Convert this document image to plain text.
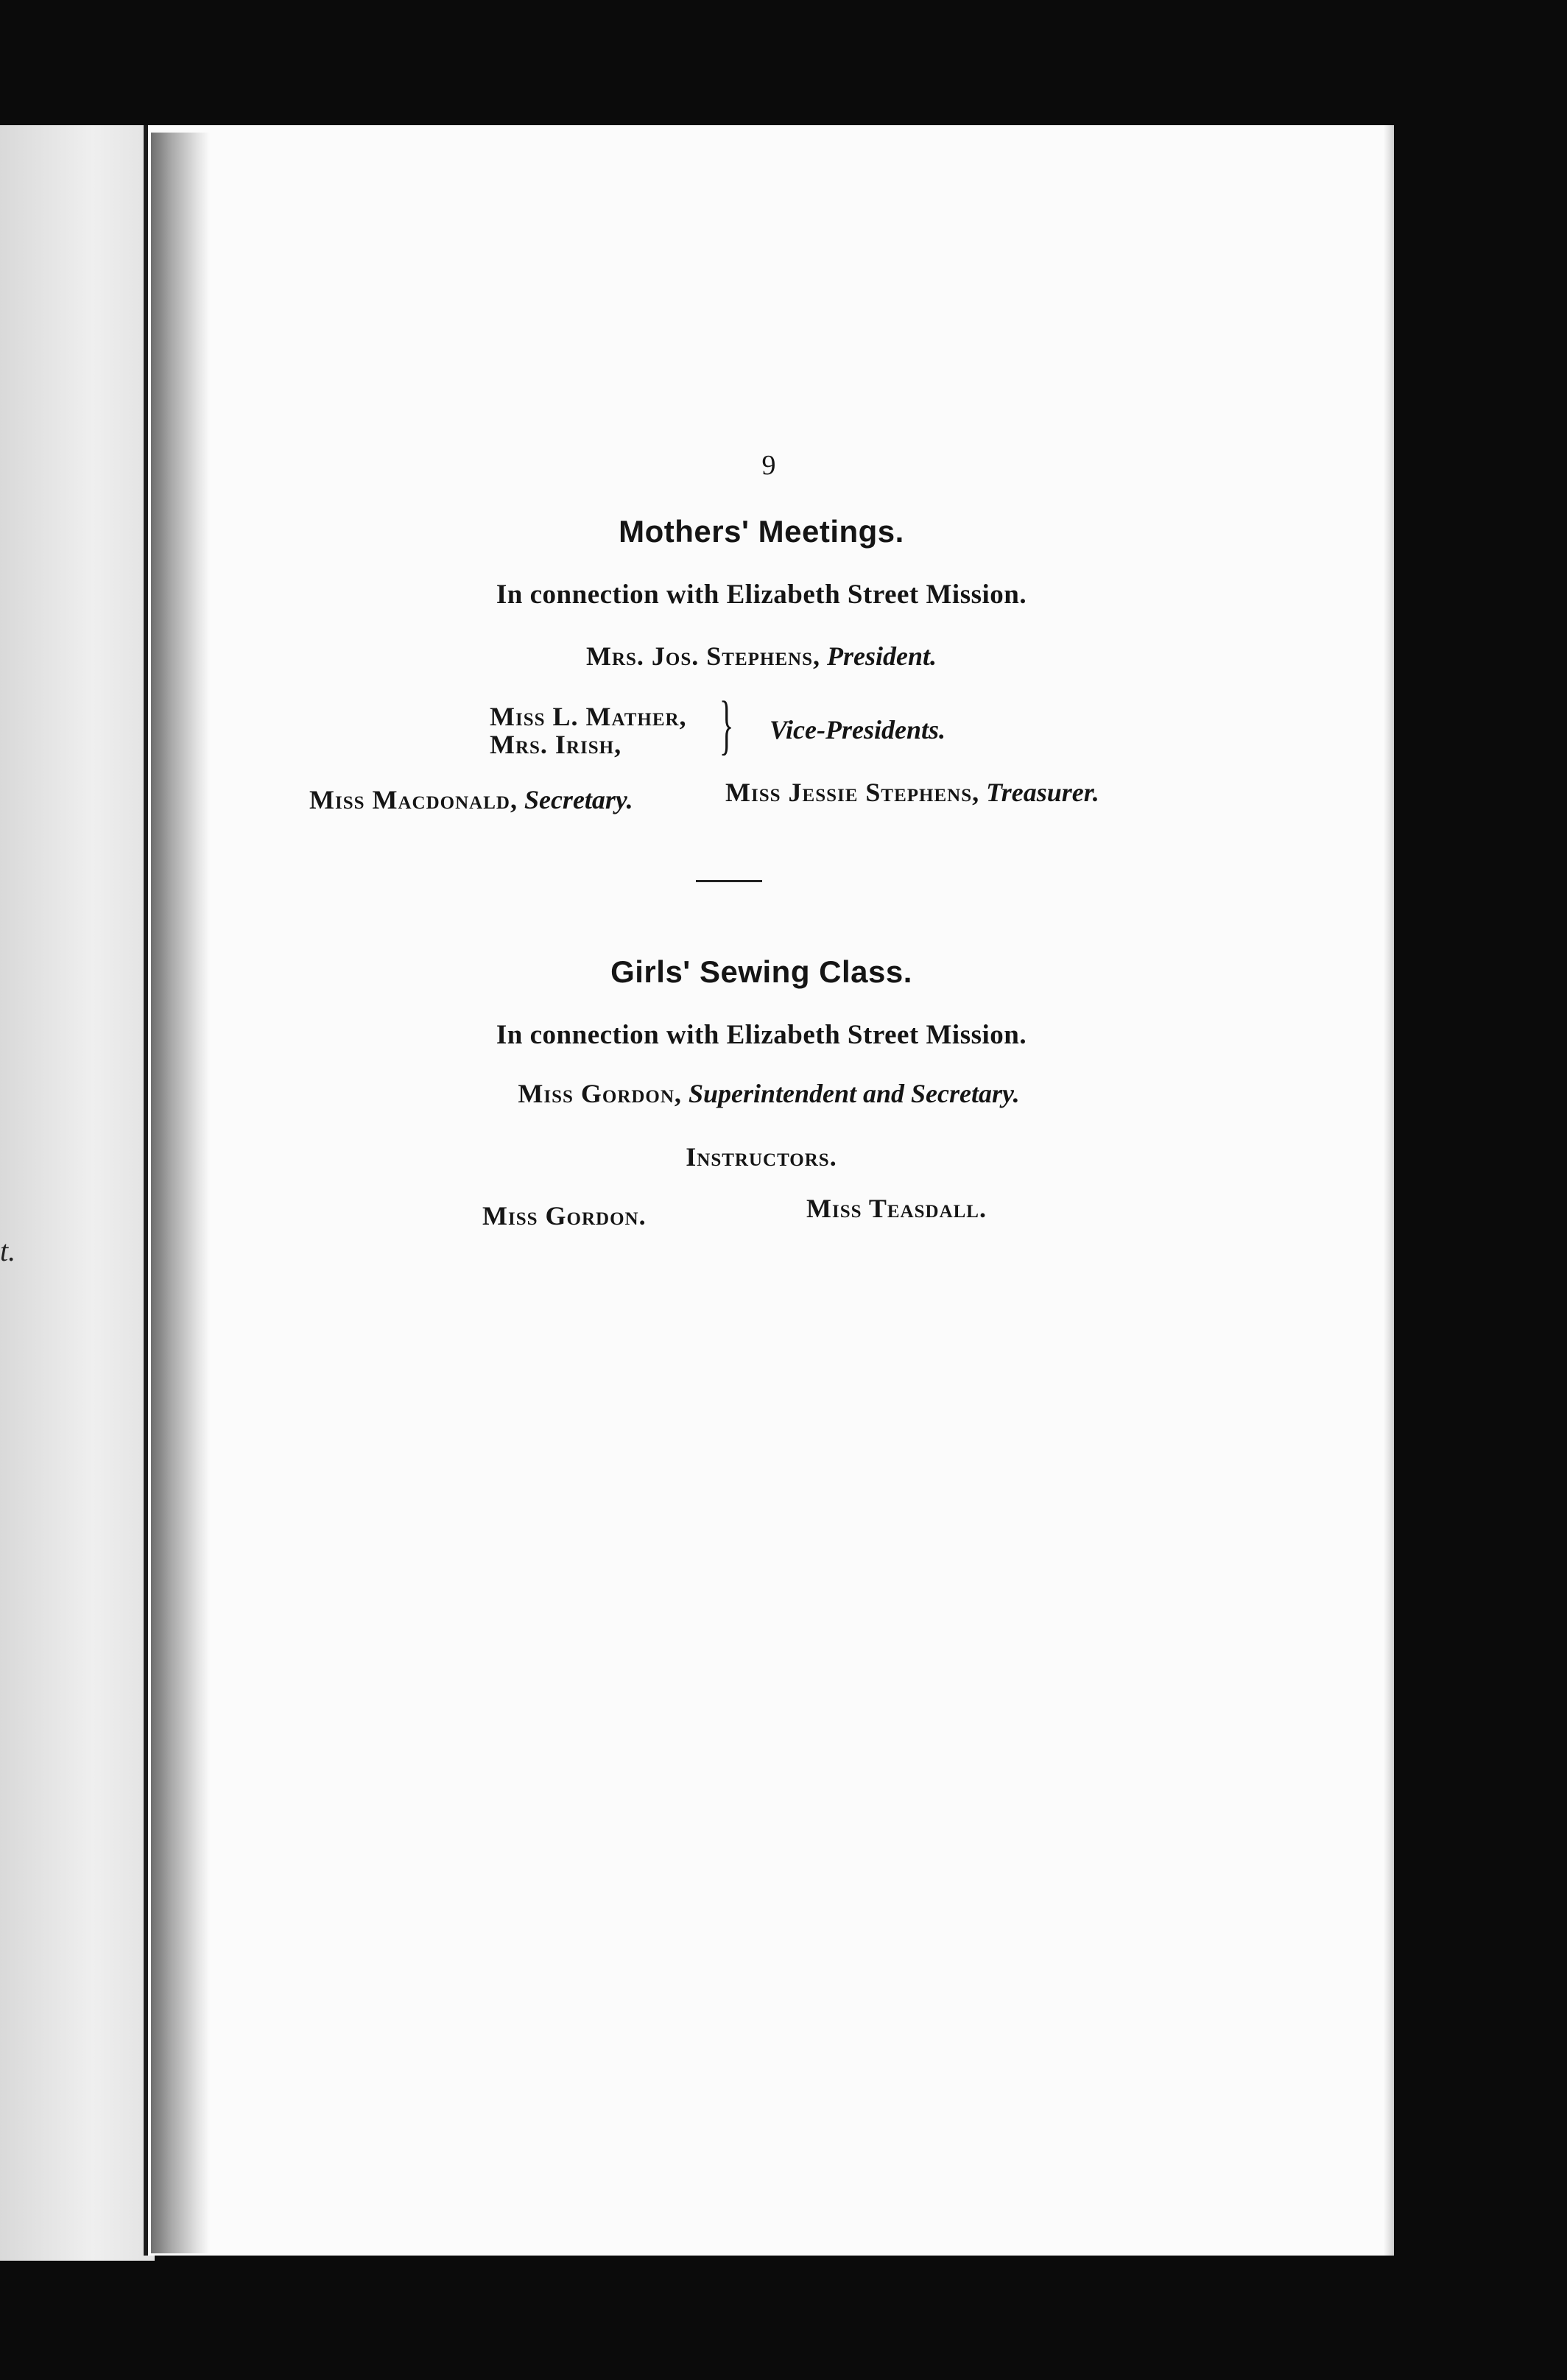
t.
9
Mothers' Meetings.
In connection with Elizabeth Street Mission.
Mrs. Jos. Stephens, President.
Miss L. Mather,
Mrs. Irish, } Vice-Presidents.
Miss Macdonald, Secretary.	Miss Jessie Stephens, Treasurer.
Girls' Sewing Class.
In connection with Elizabeth Street Mission.
Miss Gordon, Superintendent and Secretary.
Instructors.
Miss Gordon.	Miss Teasdall.
